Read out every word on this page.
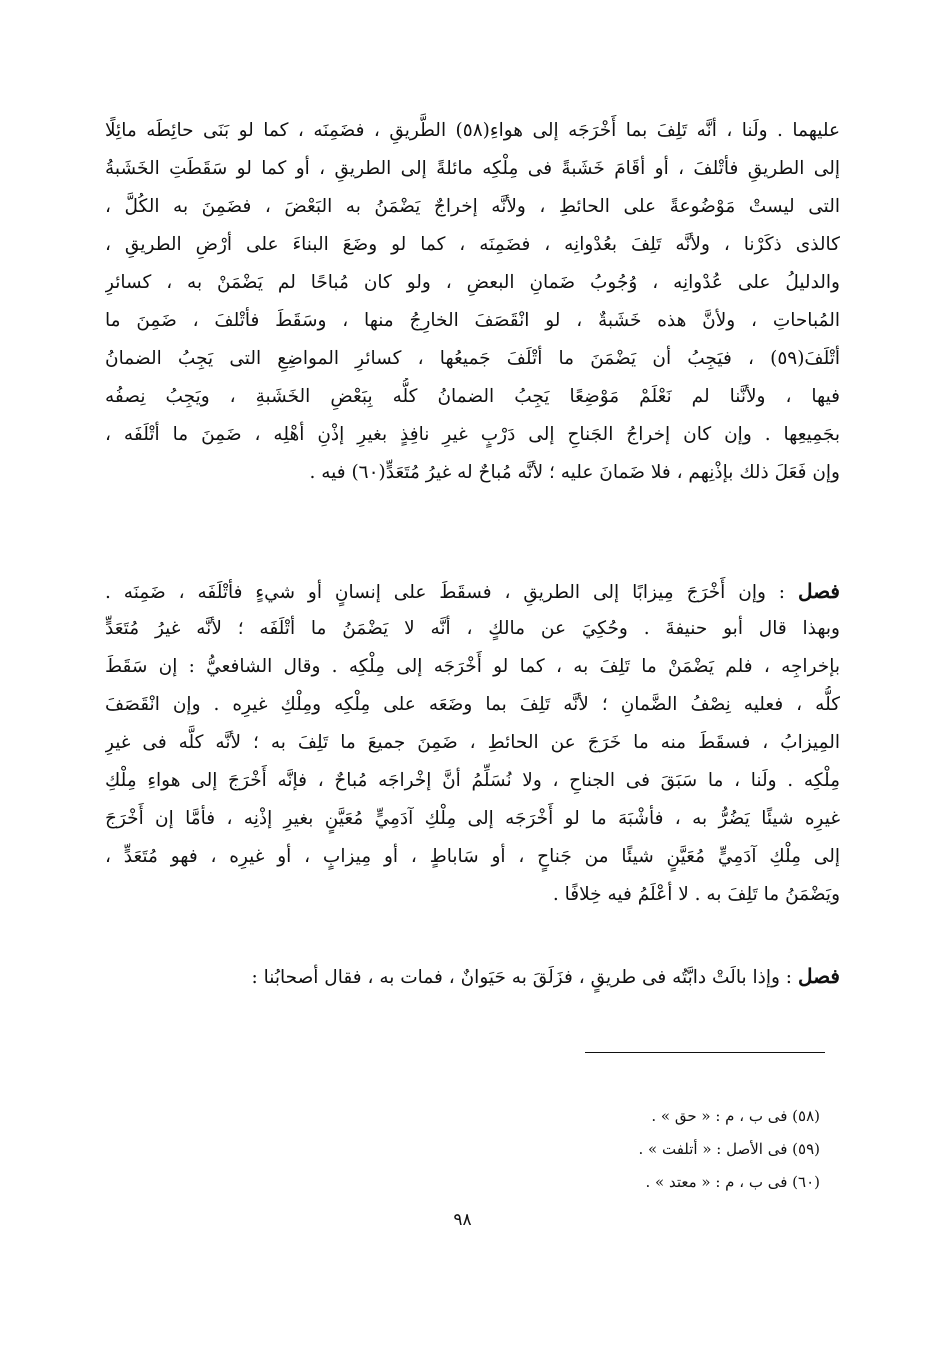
عليهما . ولَنا ، أنَّه تَلِفَ بما أَخْرَجَه إلى هواءِ(٥٨) الطَّريقِ ، فضَمِنَه ، كما لو بَنَى حائِطَه مائِلًا
إلى الطريقِ فأتْلفَ ، أو أقَامَ خَشَبةً فى مِلْكِه مائلةً إلى الطريقِ ، أو كما لو سَقَطَتِ الخَشَبةُ
التى ليستْ مَوْضُوعةً على الحائطِ ، ولأنَّه إخراجٌ يَضْمَنُ به البَعْضَ ، فضَمِنَ به الكُلَّ ،
كالذى ذكَرْنا ، ولأنَّه تَلِفَ بعُدْوانِه ، فضَمِنَه ، كما لو وضَعَ البناءَ على أرْضِ الطريقِ ،
والدليلُ على عُدْوانِه ، وُجُوبُ ضَمانِ البعضِ ، ولو كان مُباحًا لم يَضْمَنْ به ، كسائرِ
المُباحاتِ ، ولأنَّ هذه خَشَبةٌ ، لو انْقَصَفَ الخارِجُ منها ، وسَقَطَ فأتْلفَ ، ضَمِنَ ما
أتْلَفَ(٥٩) ، فيَجِبُ أن يَضْمَنَ ما أتْلَفَ جَميعُها ، كسائرِ المواضِعِ التى يَجِبُ الضمانُ
فيها ، ولأنَّنا لم نَعْلَمْ مَوْضِعًا يَجِبُ الضمانُ كلُّه بِبَعْضِ الخَشَبةِ ، ويَجِبُ نِصفُه
بجَمِيعِها . وإن كان إخراجُ الجَناحِ إلى دَرْبٍ غيرِ نافِذٍ بغيرِ إذْنِ أهْلِه ، ضَمِنَ ما أتْلَفَه ،
وإن فَعَلَ ذلك بإذْنِهم ، فلا ضَمانَ عليه ؛ لأنَّه مُباحٌ له غيرُ مُتَعَدٍّ(٦٠) فيه .
فصل : وإن أَخْرَجَ مِيزابًا إلى الطريقِ ، فسقَطَ على إنسانٍ أو شيءٍ فأتْلَفَه ، ضَمِنَه .
وبهذا قال أبو حنيفةَ . وحُكِيَ عن مالكٍ ، أنَّه لا يَضْمَنُ ما أتْلَفَه ؛ لأنَّه غيرُ مُتَعَدٍّ
بإخراجِه ، فلم يَضْمَنْ ما تَلِفَ به ، كما لو أَخْرَجَه إلى مِلْكِه . وقال الشافعيُّ : إن سَقَطَ
كلُّه ، فعليه نِصْفُ الضَّمانِ ؛ لأنَّه تَلِفَ بما وضَعَه على مِلْكِه ومِلْكِ غيرِه . وإن انْقَصَفَ
المِيزابُ ، فسقَطَ منه ما خَرَجَ عن الحائطِ ، ضَمِنَ جميعَ ما تَلِفَ به ؛ لأنَّه كلَّه فى غيرِ
مِلْكِه . ولَنا ، ما سَبَقَ فى الجناحِ ، ولا نُسَلِّمُ أنَّ إخْراجَه مُباحٌ ، فإنَّه أَخْرَجَ إلى هواءِ مِلْكِ
غيرِه شيئًا يَضُرُّ به ، فأشْبَهَ ما لو أَخْرَجَه إلى مِلْكِ آدَمِيٍّ مُعَيَّنٍ بغيرِ إذْنِه ، فأمَّا إن أَخْرَجَ
إلى مِلْكِ آدَمِيٍّ مُعَيَّنٍ شيئًا من جَناحٍ ، أو سَاباطٍ ، أو مِيزابٍ ، أو غيرِه ، فهو مُتَعَدٍّ ،
ويَضْمَنُ ما تَلِفَ به . لا أعْلَمُ فيه خِلافًا .
فصل : وإذا بالَتْ دابَّتُه فى طريقٍ ، فزَلَقَ به حَيَوانٌ ، فمات به ، فقال أصحابُنا :
(٥٨) فى ب ، م : « حق » .
(٥٩) فى الأصل : « أتلفت » .
(٦٠) فى ب ، م : « معتد » .
٩٨
